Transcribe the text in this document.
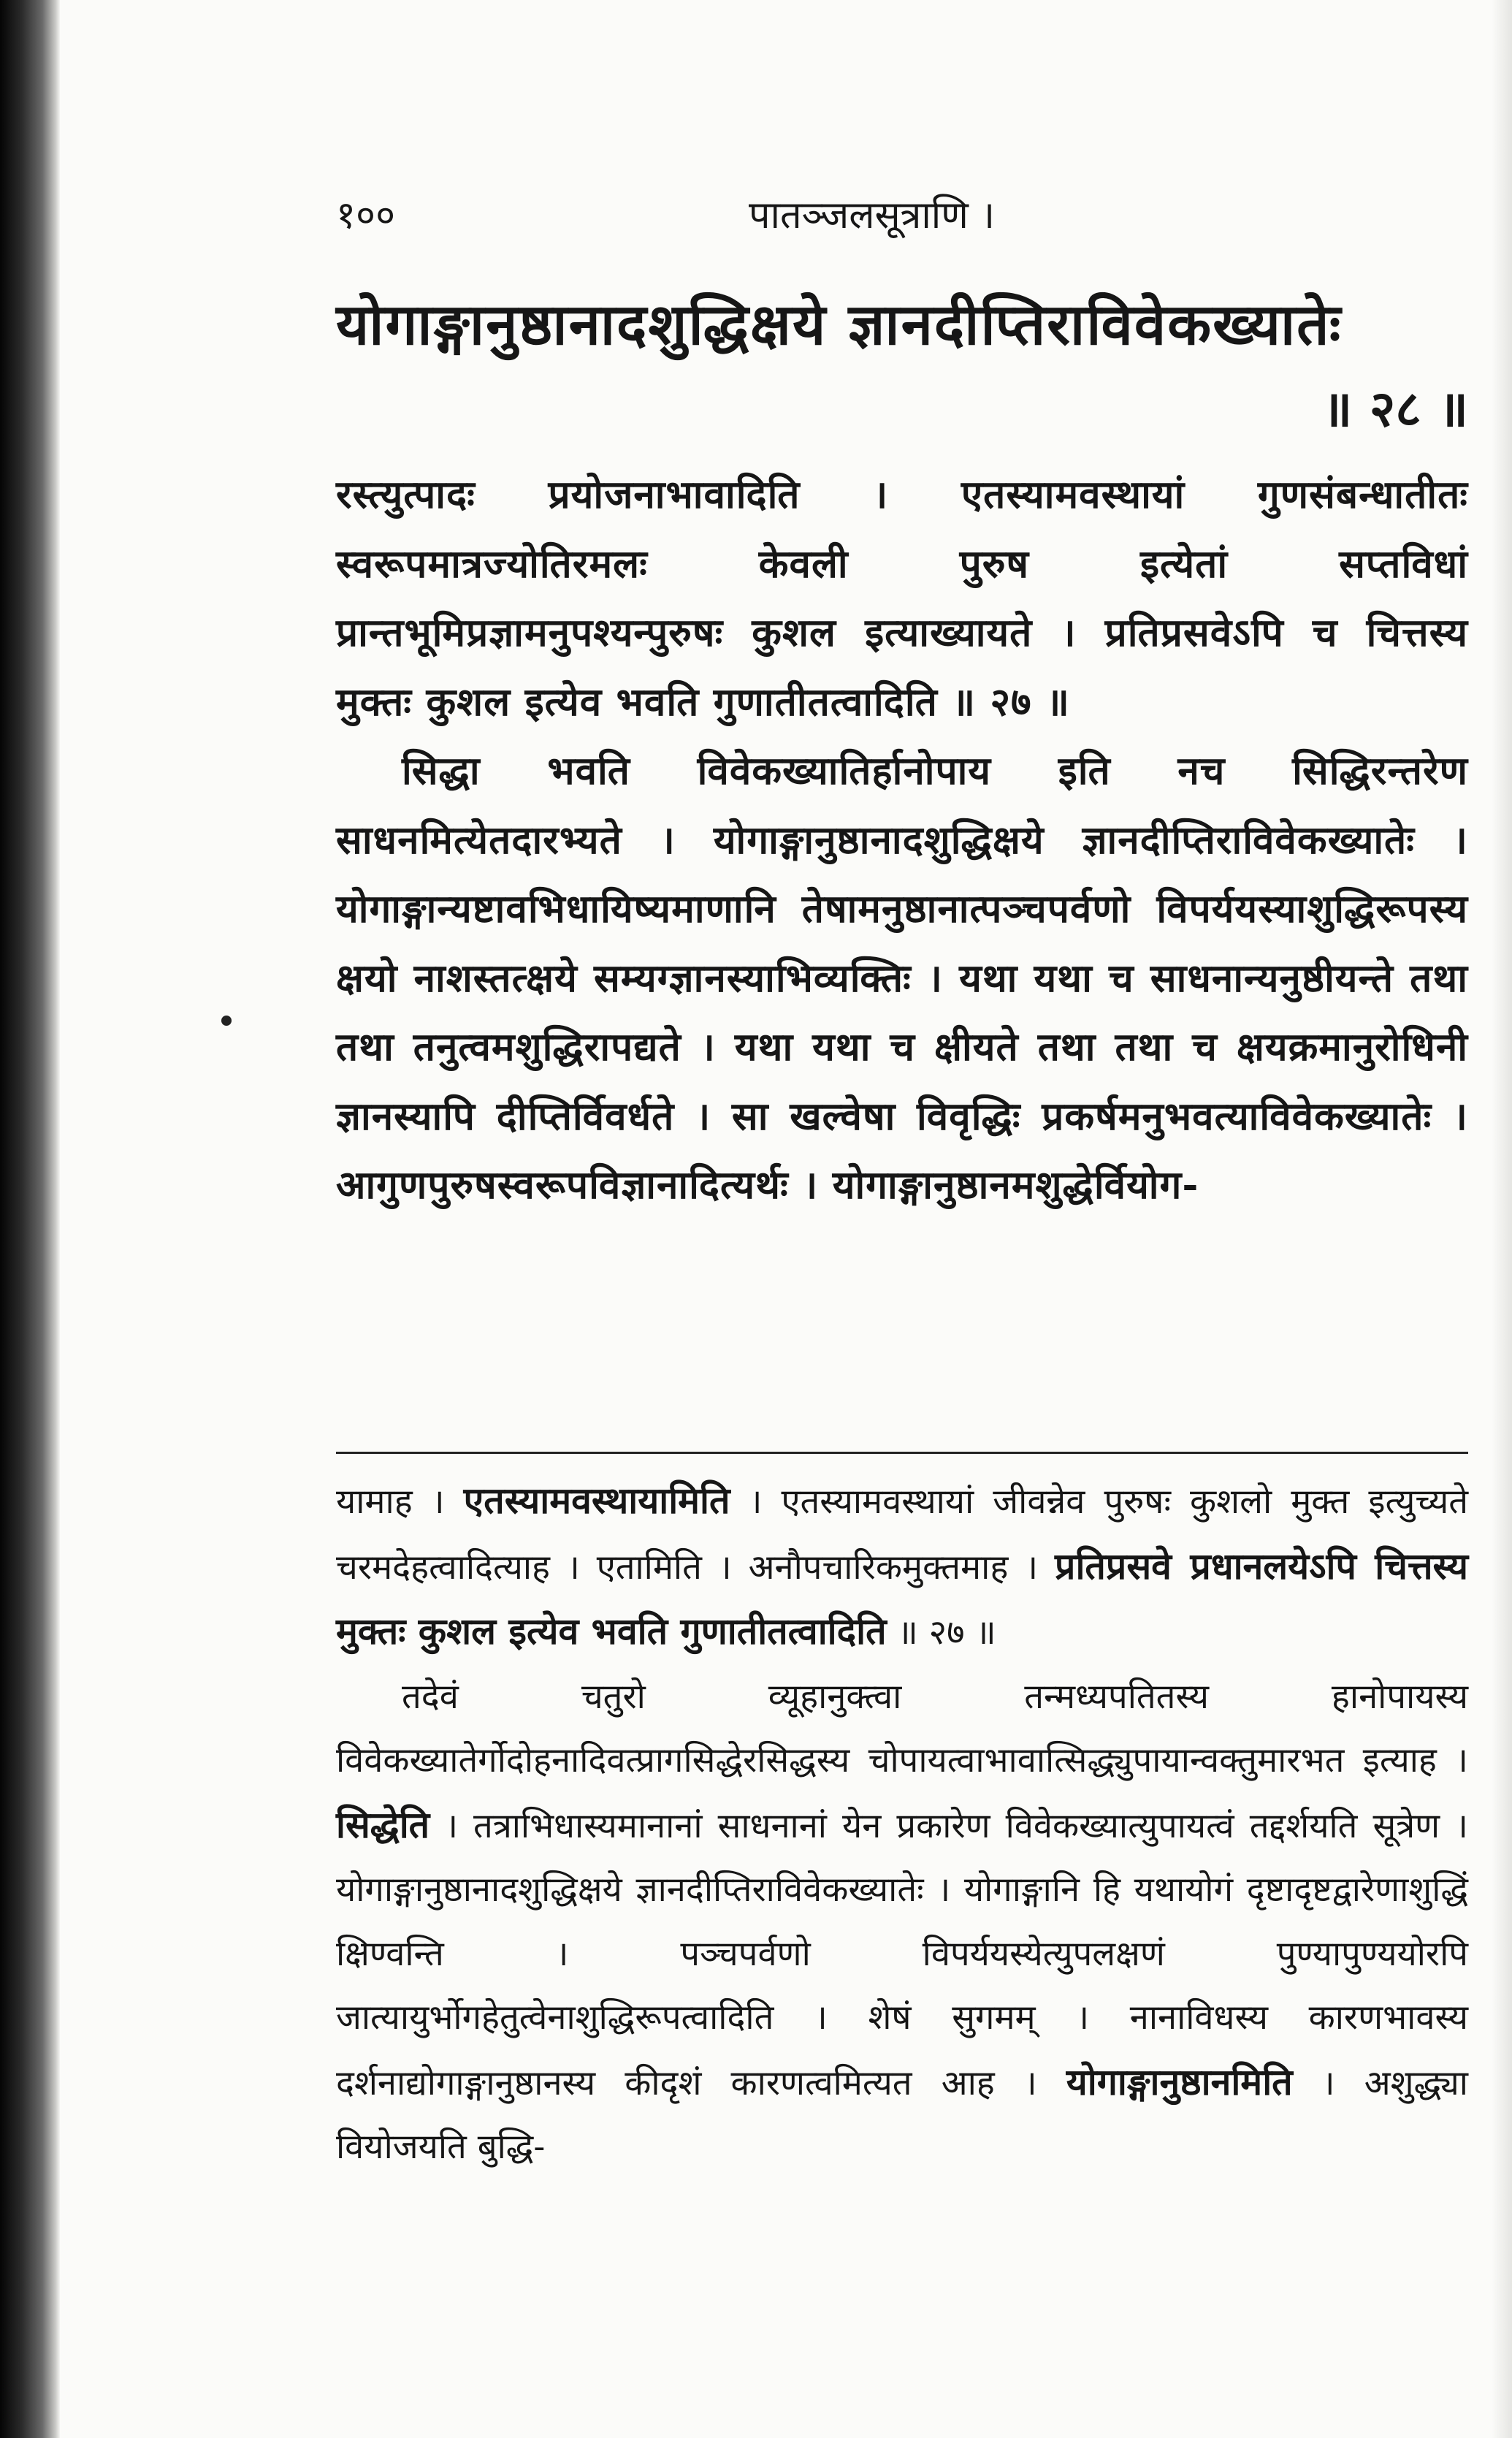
१००	पातञ्जलसूत्राणि ।
योगाङ्गानुष्ठानादशुद्धिक्षये ज्ञानदीप्तिराविवेकख्यातेः
॥ २८ ॥

रस्त्युत्पादः प्रयोजनाभावादिति । एतस्यामवस्थायां गुणसंबन्धातीतः स्वरूपमात्रज्योतिरमलः केवली पुरुष इत्येतां सप्तविधां प्रान्तभूमिप्रज्ञामनुपश्यन्पुरुषः कुशल इत्याख्यायते । प्रतिप्रसवेऽपि च चित्तस्य मुक्तः कुशल इत्येव भवति गुणातीतत्वादिति ॥ २७ ॥

सिद्धा भवति विवेकख्यातिर्हानोपाय इति नच सिद्धिरन्तरेण साधनमित्येतदारभ्यते । योगाङ्गानुष्ठानादशुद्धिक्षये ज्ञानदीप्तिराविवेकख्यातेः । योगाङ्गान्यष्टावभिधायिष्यमाणानि तेषामनुष्ठानात्पञ्चपर्वणो विपर्ययस्याशुद्धिरूपस्य क्षयो नाशस्तत्क्षये सम्यग्ज्ञानस्याभिव्यक्तिः । यथा यथा च साधनान्यनुष्ठीयन्ते तथा तथा तनुत्वमशुद्धिरापद्यते । यथा यथा च क्षीयते तथा तथा च क्षयक्रमानुरोधिनी ज्ञानस्यापि दीप्तिर्विवर्धते । सा खल्वेषा विवृद्धिः प्रकर्षमनुभवत्याविवेकख्यातेः । आगुणपुरुषस्वरूपविज्ञानादित्यर्थः । योगाङ्गानुष्ठानमशुद्धेर्वियोग-

यामाह । एतस्यामवस्थायामिति । एतस्यामवस्थायां जीवन्नेव पुरुषः कुशलो मुक्त इत्युच्यते चरमदेहत्वादित्याह । एतामिति । अनौपचारिकमुक्तमाह । प्रतिप्रसवे प्रधानलयेऽपि चित्तस्य मुक्तः कुशल इत्येव भवति गुणातीतत्वादिति ॥ २७ ॥

तदेवं चतुरो व्यूहानुक्त्वा तन्मध्यपतितस्य हानोपायस्य विवेकख्यातेर्गोदोहनादिवत्प्रागसिद्धेरसिद्धस्य चोपायत्वाभावात्सिद्ध्युपायान्वक्तुमारभत इत्याह । सिद्धेति । तत्राभिधास्यमानानां साधनानां येन प्रकारेण विवेकख्यात्युपायत्वं तद्दर्शयति सूत्रेण । योगाङ्गानुष्ठानादशुद्धिक्षये ज्ञानदीप्तिराविवेकख्यातेः । योगाङ्गानि हि यथायोगं दृष्टादृष्टद्वारेणाशुद्धिं क्षिण्वन्ति । पञ्चपर्वणो विपर्ययस्येत्युपलक्षणं पुण्यापुण्ययोरपि जात्यायुर्भोगहेतुत्वेनाशुद्धिरूपत्वादिति । शेषं सुगमम् । नानाविधस्य कारणभावस्य दर्शनाद्योगाङ्गानुष्ठानस्य कीदृशं कारणत्वमित्यत आह । योगाङ्गानुष्ठानमिति । अशुद्ध्या वियोजयति बुद्धि-
